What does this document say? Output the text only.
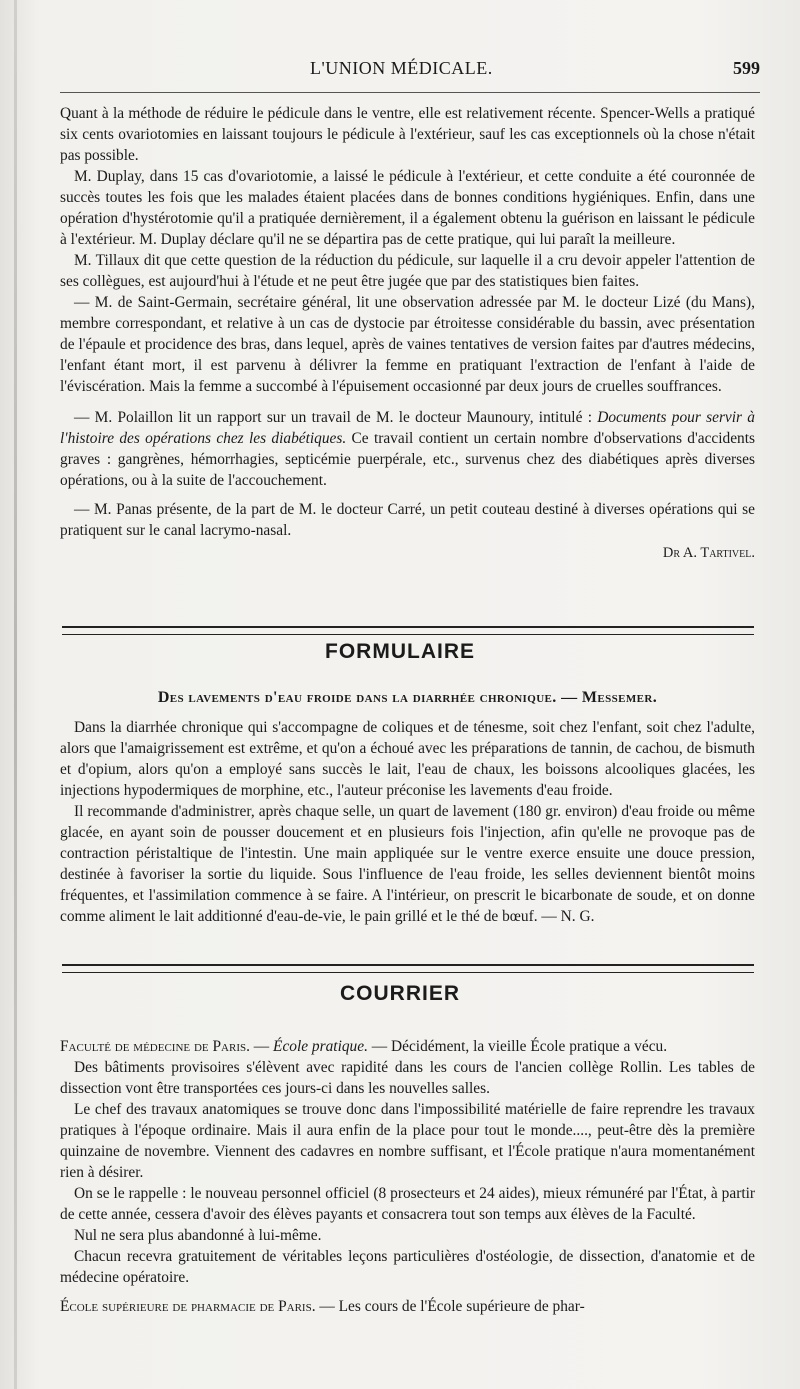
L'UNION MÉDICALE.	599

Quant à la méthode de réduire le pédicule dans le ventre, elle est relativement récente. Spencer-Wells a pratiqué six cents ovariotomies en laissant toujours le pédicule à l'extérieur, sauf les cas exceptionnels où la chose n'était pas possible.

M. Duplay, dans 15 cas d'ovariotomie, a laissé le pédicule à l'extérieur, et cette conduite a été couronnée de succès toutes les fois que les malades étaient placées dans de bonnes conditions hygiéniques. Enfin, dans une opération d'hystérotomie qu'il a pratiquée dernièrement, il a également obtenu la guérison en laissant le pédicule à l'extérieur. M. Duplay déclare qu'il ne se départira pas de cette pratique, qui lui paraît la meilleure.

M. Tillaux dit que cette question de la réduction du pédicule, sur laquelle il a cru devoir appeler l'attention de ses collègues, est aujourd'hui à l'étude et ne peut être jugée que par des statistiques bien faites.

— M. de Saint-Germain, secrétaire général, lit une observation adressée par M. le docteur Lizé (du Mans), membre correspondant, et relative à un cas de dystocie par étroitesse considérable du bassin, avec présentation de l'épaule et procidence des bras, dans lequel, après de vaines tentatives de version faites par d'autres médecins, l'enfant étant mort, il est parvenu à délivrer la femme en pratiquant l'extraction de l'enfant à l'aide de l'éviscération. Mais la femme a succombé à l'épuisement occasionné par deux jours de cruelles souffrances.

— M. Polaillon lit un rapport sur un travail de M. le docteur Maunoury, intitulé : Documents pour servir à l'histoire des opérations chez les diabétiques. Ce travail contient un certain nombre d'observations d'accidents graves : gangrènes, hémorrhagies, septicémie puerpérale, etc., survenus chez des diabétiques après diverses opérations, ou à la suite de l'accouchement.

— M. Panas présente, de la part de M. le docteur Carré, un petit couteau destiné à diverses opérations qui se pratiquent sur le canal lacrymo-nasal.

Dr A. Tartivel.

FORMULAIRE
Des lavements d'eau froide dans la diarrhée chronique. — Messemer.

Dans la diarrhée chronique qui s'accompagne de coliques et de ténesme, soit chez l'enfant, soit chez l'adulte, alors que l'amaigrissement est extrême, et qu'on a échoué avec les préparations de tannin, de cachou, de bismuth et d'opium, alors qu'on a employé sans succès le lait, l'eau de chaux, les boissons alcooliques glacées, les injections hypodermiques de morphine, etc., l'auteur préconise les lavements d'eau froide.

Il recommande d'administrer, après chaque selle, un quart de lavement (180 gr. environ) d'eau froide ou même glacée, en ayant soin de pousser doucement et en plusieurs fois l'injection, afin qu'elle ne provoque pas de contraction péristaltique de l'intestin. Une main appliquée sur le ventre exerce ensuite une douce pression, destinée à favoriser la sortie du liquide. Sous l'influence de l'eau froide, les selles deviennent bientôt moins fréquentes, et l'assimilation commence à se faire. A l'intérieur, on prescrit le bicarbonate de soude, et on donne comme aliment le lait additionné d'eau-de-vie, le pain grillé et le thé de bœuf. — N. G.

COURRIER

Faculté de médecine de Paris. — École pratique. — Décidément, la vieille École pratique a vécu.

Des bâtiments provisoires s'élèvent avec rapidité dans les cours de l'ancien collège Rollin. Les tables de dissection vont être transportées ces jours-ci dans les nouvelles salles.

Le chef des travaux anatomiques se trouve donc dans l'impossibilité matérielle de faire reprendre les travaux pratiques à l'époque ordinaire. Mais il aura enfin de la place pour tout le monde...., peut-être dès la première quinzaine de novembre. Viennent des cadavres en nombre suffisant, et l'École pratique n'aura momentanément rien à désirer.

On se le rappelle : le nouveau personnel officiel (8 prosecteurs et 24 aides), mieux rémunéré par l'État, à partir de cette année, cessera d'avoir des élèves payants et consacrera tout son temps aux élèves de la Faculté.

Nul ne sera plus abandonné à lui-même.

Chacun recevra gratuitement de véritables leçons particulières d'ostéologie, de dissection, d'anatomie et de médecine opératoire.

École supérieure de pharmacie de Paris. — Les cours de l'École supérieure de phar-
